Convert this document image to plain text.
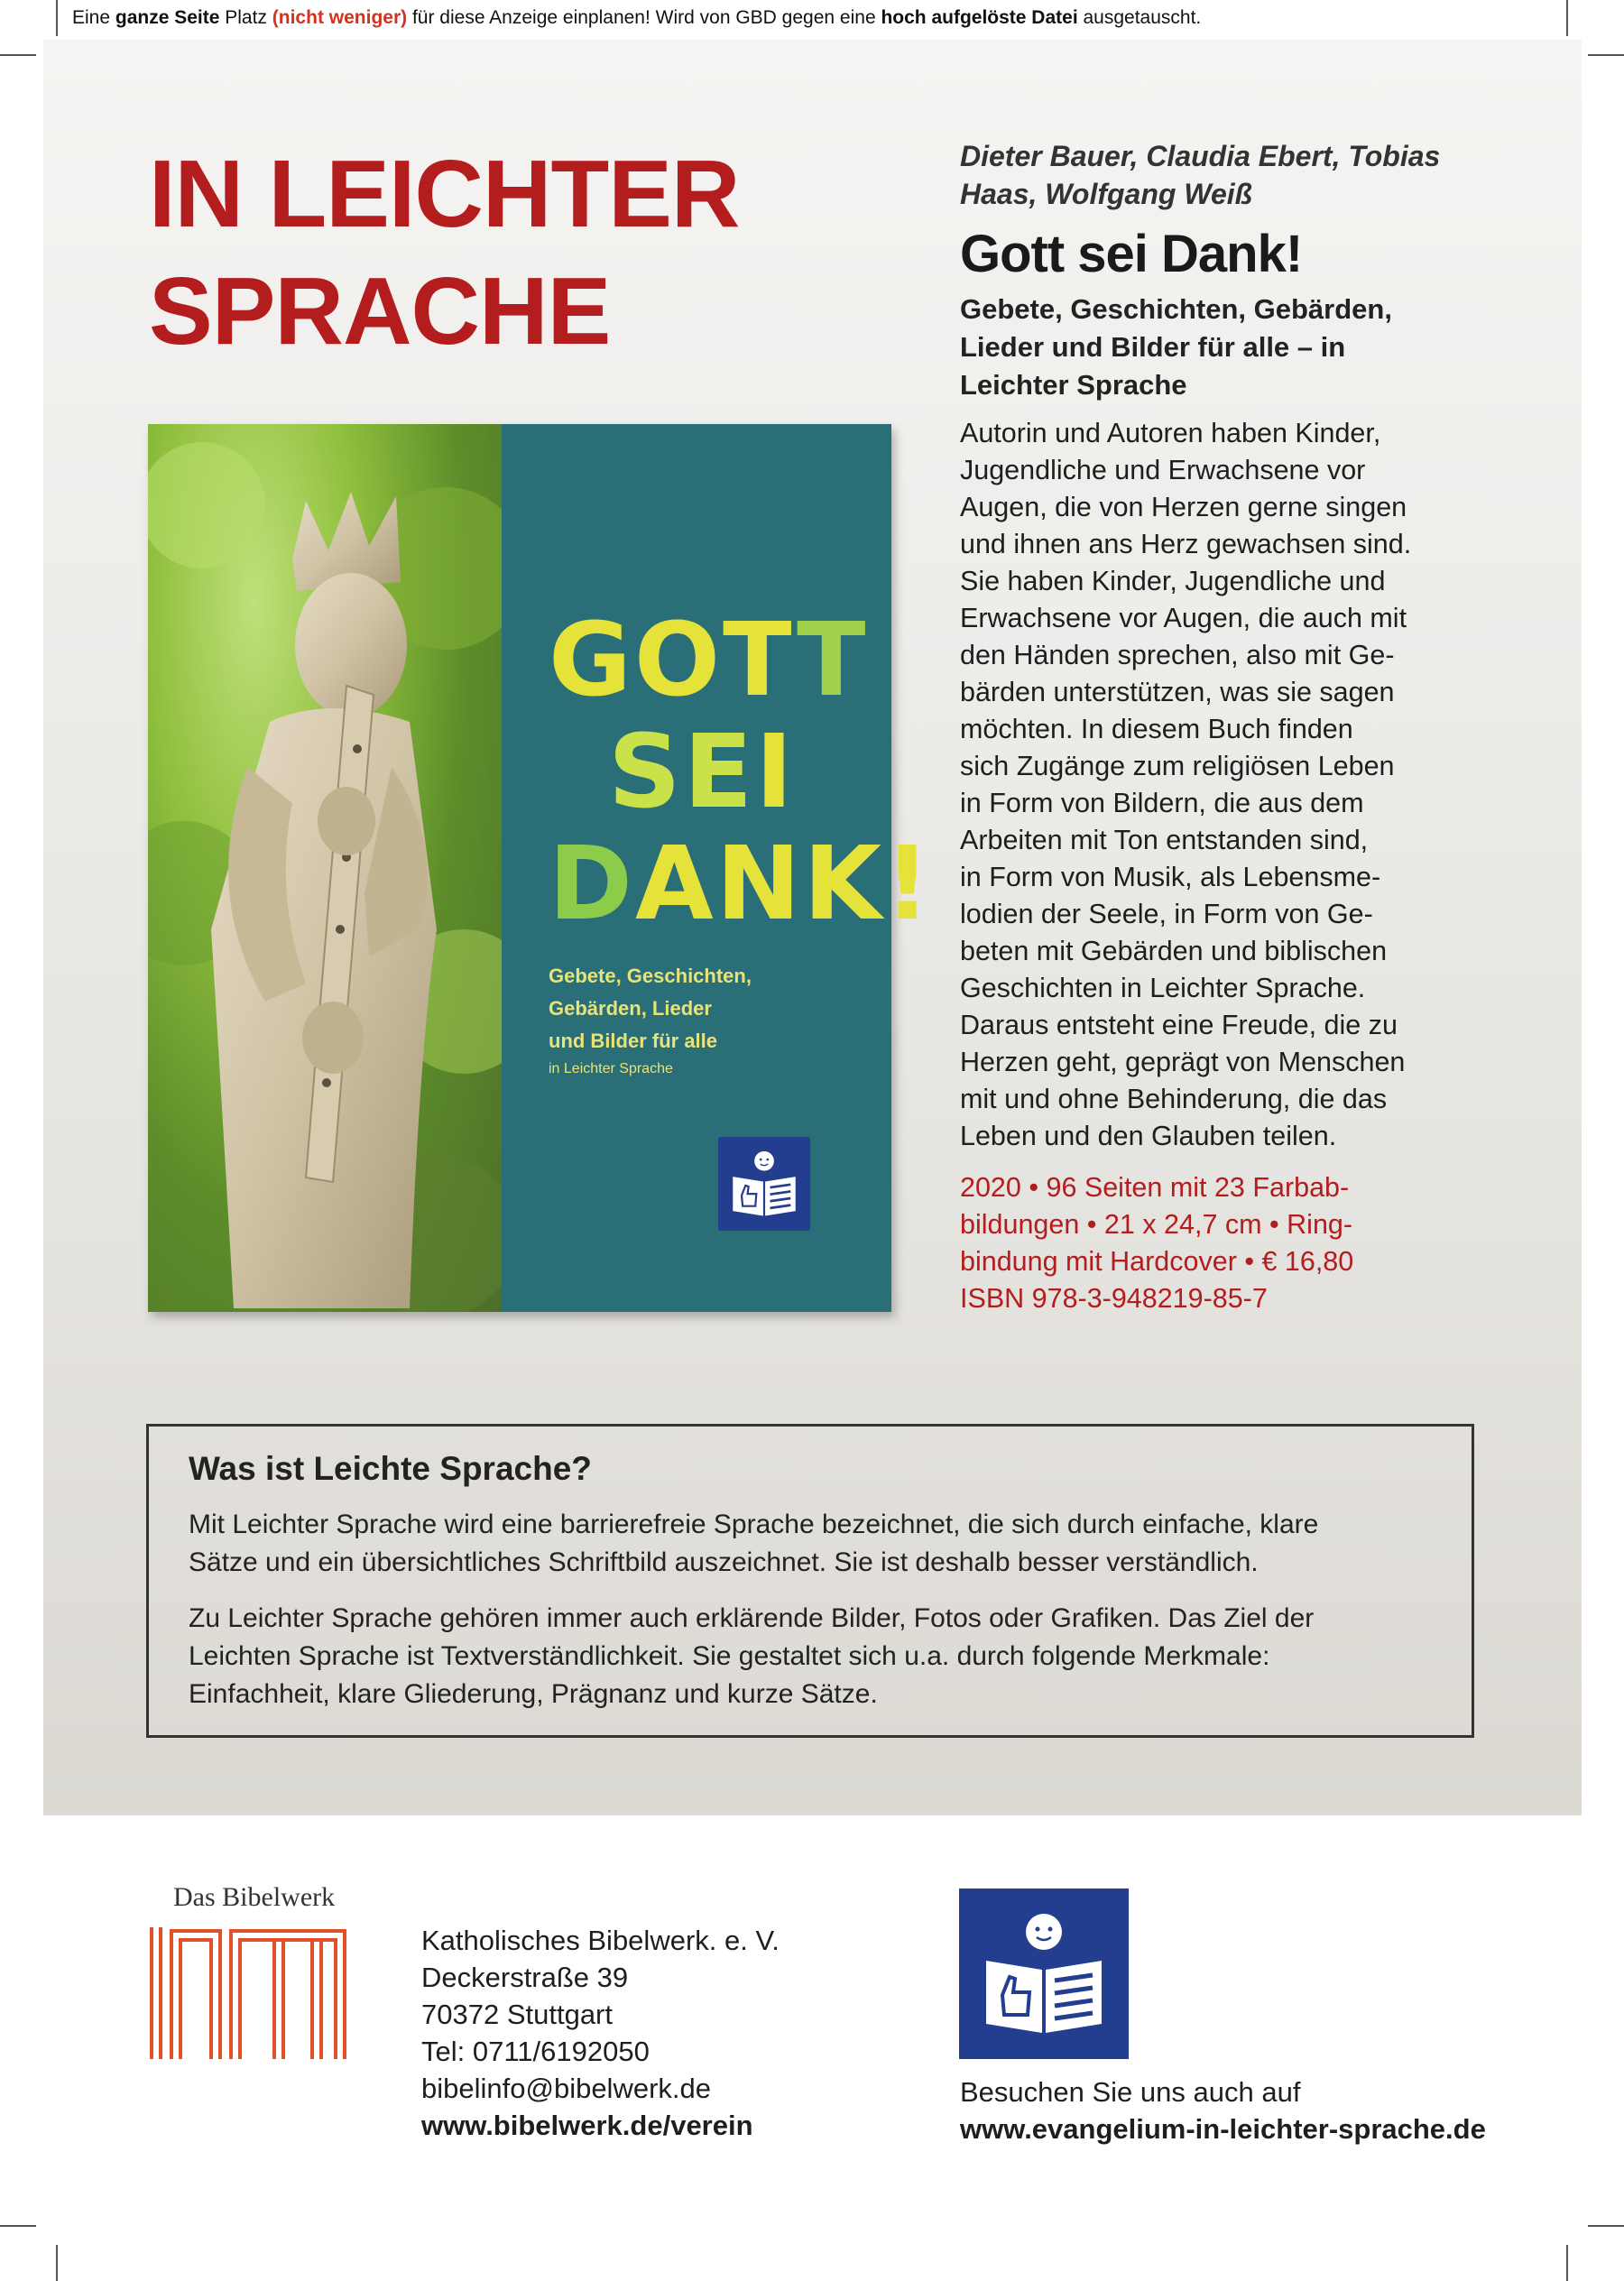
Eine ganze Seite Platz (nicht weniger) für diese Anzeige einplanen! Wird von GBD gegen eine hoch aufgelöste Datei ausgetauscht.
IN LEICHTER
SPRACHE
Dieter Bauer, Claudia Ebert, Tobias
Haas, Wolfgang Weiß
Gott sei Dank!
Gebete, Geschichten, Gebärden,
Lieder und Bilder für alle – in
Leichter Sprache
Autorin und Autoren haben Kinder,
Jugendliche und Erwachsene vor
Augen, die von Herzen gerne singen
und ihnen ans Herz gewachsen sind.
Sie haben Kinder, Jugendliche und
Erwachsene vor Augen, die auch mit
den Händen sprechen, also mit Ge-
bärden unterstützen, was sie sagen
möchten. In diesem Buch finden
sich Zugänge zum religiösen Leben
in Form von Bildern, die aus dem
Arbeiten mit Ton entstanden sind,
in Form von Musik, als Lebensme-
lodien der Seele, in Form von Ge-
beten mit Gebärden und biblischen
Geschichten in Leichter Sprache.
Daraus entsteht eine Freude, die zu
Herzen geht, geprägt von Menschen
mit und ohne Behinderung, die das
Leben und den Glauben teilen.
2020 • 96 Seiten mit 23 Farbab-
bildungen • 21 x 24,7 cm • Ring-
bindung mit Hardcover • € 16,80
ISBN 978-3-948219-85-7
GOTT
SEI
DANK!
Gebete, Geschichten,
Gebärden, Lieder
und Bilder für alle
in Leichter Sprache
Was ist Leichte Sprache?
Mit Leichter Sprache wird eine barrierefreie Sprache bezeichnet, die sich durch einfache, klare
Sätze und ein übersichtliches Schriftbild auszeichnet. Sie ist deshalb besser verständlich.
Zu Leichter Sprache gehören immer auch erklärende Bilder, Fotos oder Grafiken. Das Ziel der
Leichten Sprache ist Textverständlichkeit. Sie gestaltet sich u.a. durch folgende Merkmale:
Einfachheit, klare Gliederung, Prägnanz und kurze Sätze.
Das Bibelwerk
Katholisches Bibelwerk. e. V.
Deckerstraße 39
70372 Stuttgart
Tel: 0711/6192050
bibelinfo@bibelwerk.de
www.bibelwerk.de/verein
Besuchen Sie uns auch auf
www.evangelium-in-leichter-sprache.de
